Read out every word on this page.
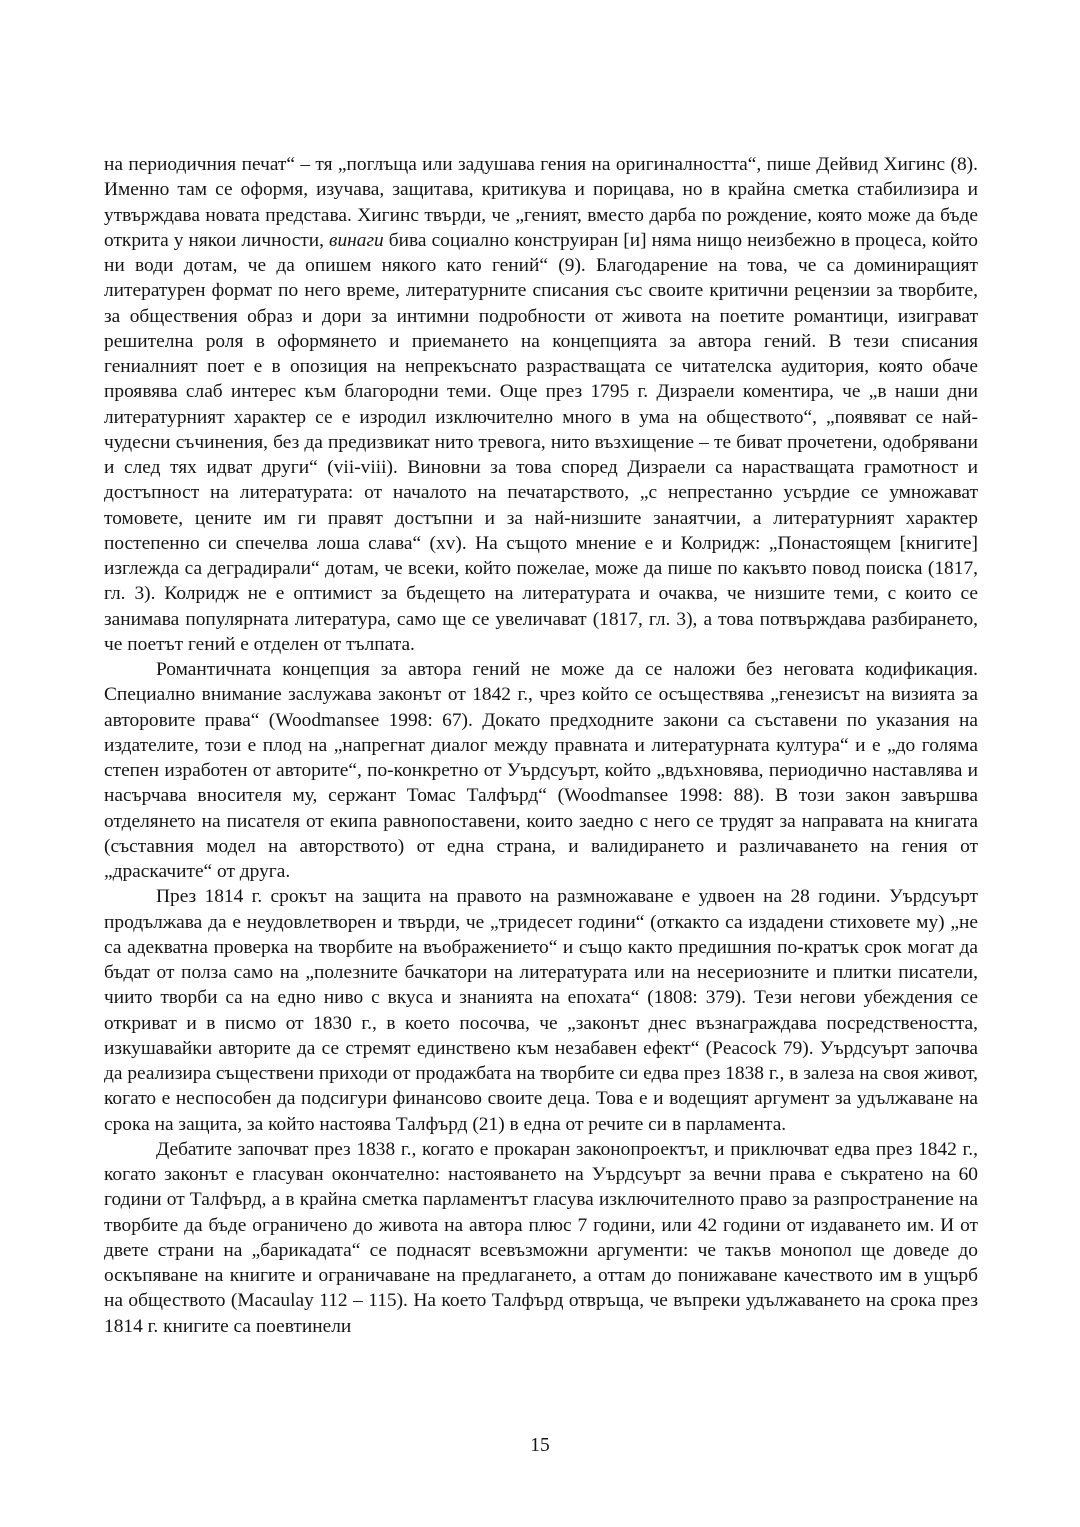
на периодичния печат“ – тя „поглъща или задушава гения на оригиналността“, пише Дейвид Хигинс (8). Именно там се оформя, изучава, защитава, критикува и порицава, но в крайна сметка стабилизира и утвърждава новата представа. Хигинс твърди, че „геният, вместо дарба по рождение, която може да бъде открита у някои личности, винаги бива социално конструиран [и] няма нищо неизбежно в процеса, който ни води дотам, че да опишем някого като гений“ (9). Благодарение на това, че са доминиращият литературен формат по него време, литературните списания със своите критични рецензии за творбите, за обществения образ и дори за интимни подробности от живота на поетите романтици, изиграват решителна роля в оформянето и приемането на концепцията за автора гений. В тези списания гениалният поет е в опозиция на непрекъснато разрастващата се читателска аудитория, която обаче проявява слаб интерес към благородни теми. Още през 1795 г. Дизраели коментира, че „в наши дни литературният характер се е изродил изключително много в ума на обществото“, „появяват се най-чудесни съчинения, без да предизвикат нито тревога, нито възхищение – те биват прочетени, одобрявани и след тях идват други“ (vii-viii). Виновни за това според Дизраели са нарастващата грамотност и достъпност на литературата: от началото на печатарството, „с непрестанно усърдие се умножават томовете, цените им ги правят достъпни и за най-низшите занаятчии, а литературният характер постепенно си спечелва лоша слава“ (xv). На същото мнение е и Колридж: „Понастоящем [книгите] изглежда са деградирали“ дотам, че всеки, който пожелае, може да пише по какъвто повод поиска (1817, гл. 3). Колридж не е оптимист за бъдещето на литературата и очаква, че низшите теми, с които се занимава популярната литература, само ще се увеличават (1817, гл. 3), а това потвърждава разбирането, че поетът гений е отделен от тълпата.

Романтичната концепция за автора гений не може да се наложи без неговата кодификация. Специално внимание заслужава законът от 1842 г., чрез който се осъществява „генезисът на визията за авторовите права“ (Woodmansee 1998: 67). Докато предходните закони са съставени по указания на издателите, този е плод на „напрегнат диалог между правната и литературната култура“ и е „до голяма степен изработен от авторите“, по-конкретно от Уърдсуърт, който „вдъхновява, периодично наставлява и насърчава вносителя му, сержант Томас Талфърд“ (Woodmansee 1998: 88). В този закон завършва отделянето на писателя от екипа равнопоставени, които заедно с него се трудят за направата на книгата (съставния модел на авторството) от една страна, и валидирането и различаването на гения от „драскачите“ от друга.

През 1814 г. срокът на защита на правото на размножаване е удвоен на 28 години. Уърдсуърт продължава да е неудовлетворен и твърди, че „тридесет години“ (откакто са издадени стиховете му) „не са адекватна проверка на творбите на въображението“ и също както предишния по-кратък срок могат да бъдат от полза само на „полезните бачкатори на литературата или на несериозните и плитки писатели, чиито творби са на едно ниво с вкуса и знанията на епохата“ (1808: 379). Тези негови убеждения се откриват и в писмо от 1830 г., в което посочва, че „законът днес възнаграждава посредствеността, изкушавайки авторите да се стремят единствено към незабавен ефект“ (Peacock 79). Уърдсуърт започва да реализира съществени приходи от продажбата на творбите си едва през 1838 г., в залеза на своя живот, когато е неспособен да подсигури финансово своите деца. Това е и водещият аргумент за удължаване на срока на защита, за който настоява Талфърд (21) в една от речите си в парламента.

Дебатите започват през 1838 г., когато е прокаран законопроектът, и приключват едва през 1842 г., когато законът е гласуван окончателно: настояването на Уърдсуърт за вечни права е съкратено на 60 години от Талфърд, а в крайна сметка парламентът гласува изключителното право за разпространение на творбите да бъде ограничено до живота на автора плюс 7 години, или 42 години от издаването им. И от двете страни на „барикадата“ се поднасят всевъзможни аргументи: че такъв монопол ще доведе до оскъпяване на книгите и ограничаване на предлагането, а оттам до понижаване качеството им в ущърб на обществото (Macaulay 112 – 115). На което Талфърд отвръща, че въпреки удължаването на срока през 1814 г. книгите са поевтинели

15
